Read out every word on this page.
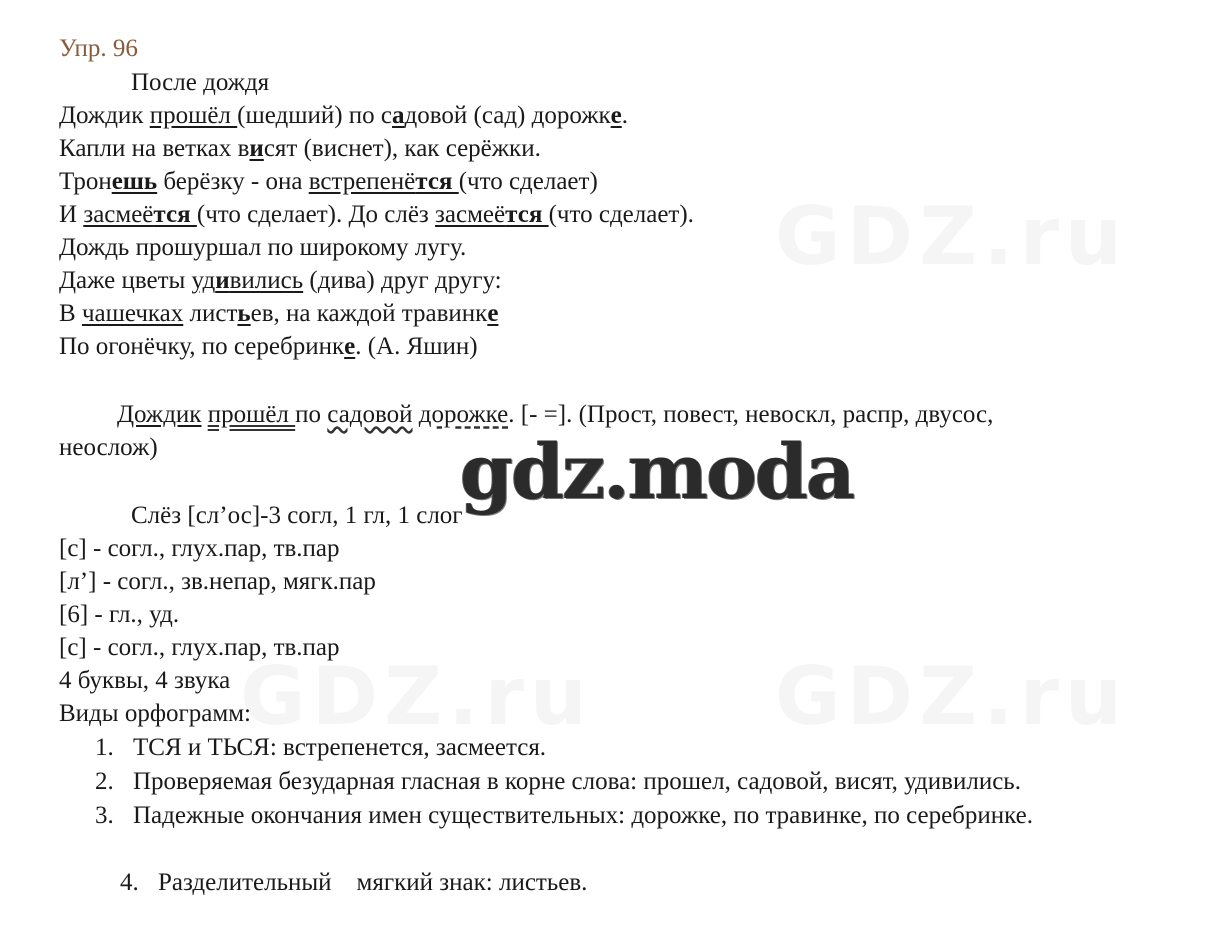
Упр. 96
После дождя
Дождик прошёл (шедший) по садовой (сад) дорожке.
Капли на ветках висят (виснет), как серёжки.
Тронешь берёзку - она встрепенётся (что сделает)
И засмеётся (что сделает). До слёз засмеётся (что сделает).
Дождь прошуршал по широкому лугу.
Даже цветы удивились (дива) друг другу:
В чашечках листьев, на каждой травинке
По огонёчку, по серебринке. (А. Яшин)
Дождик прошёл по садовой дорожке. [- =]. (Прост, повест, невоскл, распр, двусос,
неослож)	gdz.moda
Слёз [сл’ос]-3 согл, 1 гл, 1 слог
[с] - согл., глух.пар, тв.пар
[л’] - согл., зв.непар, мягк.пар
[6] - гл., уд.
[с] - согл., глух.пар, тв.пар
4 буквы, 4 звука
Виды орфограмм:
1. ТСЯ и ТЬСЯ: встрепенется, засмеется.
2. Проверяемая безударная гласная в корне слова: прошел, садовой, висят, удивились.
3. Падежные окончания имен существительных: дорожке, по травинке, по серебринке.

4. Разделительный    мягкий знак: листьев.
